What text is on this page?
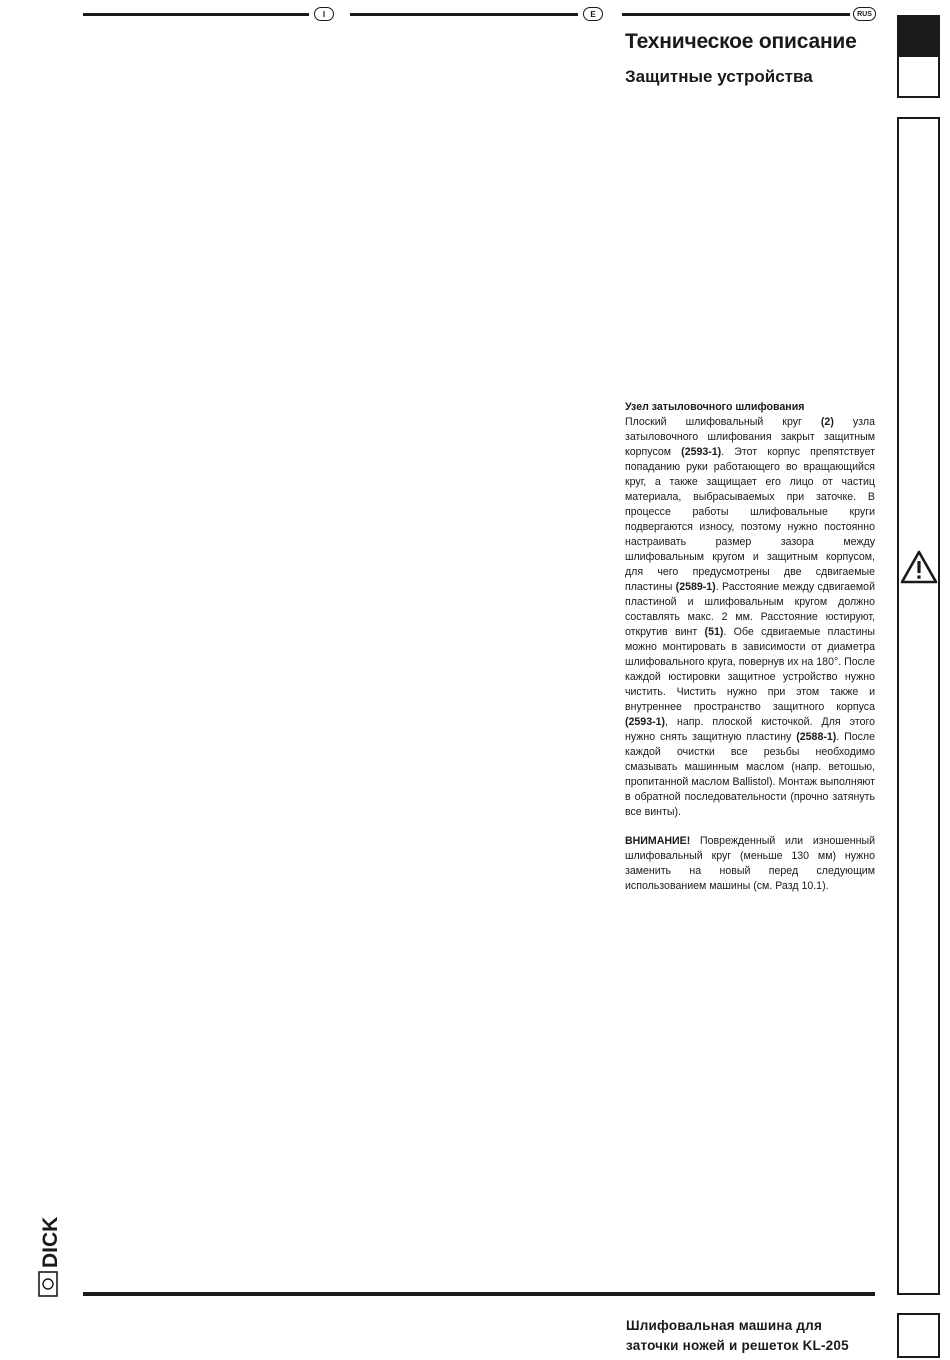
I	E	RUS
Техническое описание
Защитные устройства

Узел затыловочного шлифования
Плоский шлифовальный круг (2) узла затыловочного шлифования закрыт защитным корпусом (2593-1). Этот корпус препятствует попаданию руки работающего во вращающийся круг, а также защищает его лицо от частиц материала, выбрасываемых при заточке. В процессе работы шлифовальные круги подвергаются износу, поэтому нужно постоянно настраивать размер зазора между шлифовальным кругом и защитным корпусом, для чего предусмотрены две сдвигаемые пластины (2589-1). Расстояние между сдвигаемой пластиной и шлифовальным кругом должно составлять макс. 2 мм. Расстояние юстируют, открутив винт (51). Обе сдвигаемые пластины можно монтировать в зависимости от диаметра шлифовального круга, повернув их на 180°. После каждой юстировки защитное устройство нужно чистить. Чистить нужно при этом также и внутреннее пространство защитного корпуса (2593-1), напр. плоской кисточкой. Для этого нужно снять защитную пластину (2588-1). После каждой очистки все резьбы необходимо смазывать машинным маслом (напр. ветошью, пропитанной маслом Ballistol). Монтаж выполняют в обратной последовательности (прочно затянуть все винты).

ВНИМАНИЕ! Поврежденный или изношенный шлифовальный круг (меньше 130 мм) нужно заменить на новый перед следующим использованием машины (см. Разд 10.1).

DICK
Шлифовальная машина для
заточки ножей и решеток KL-205
